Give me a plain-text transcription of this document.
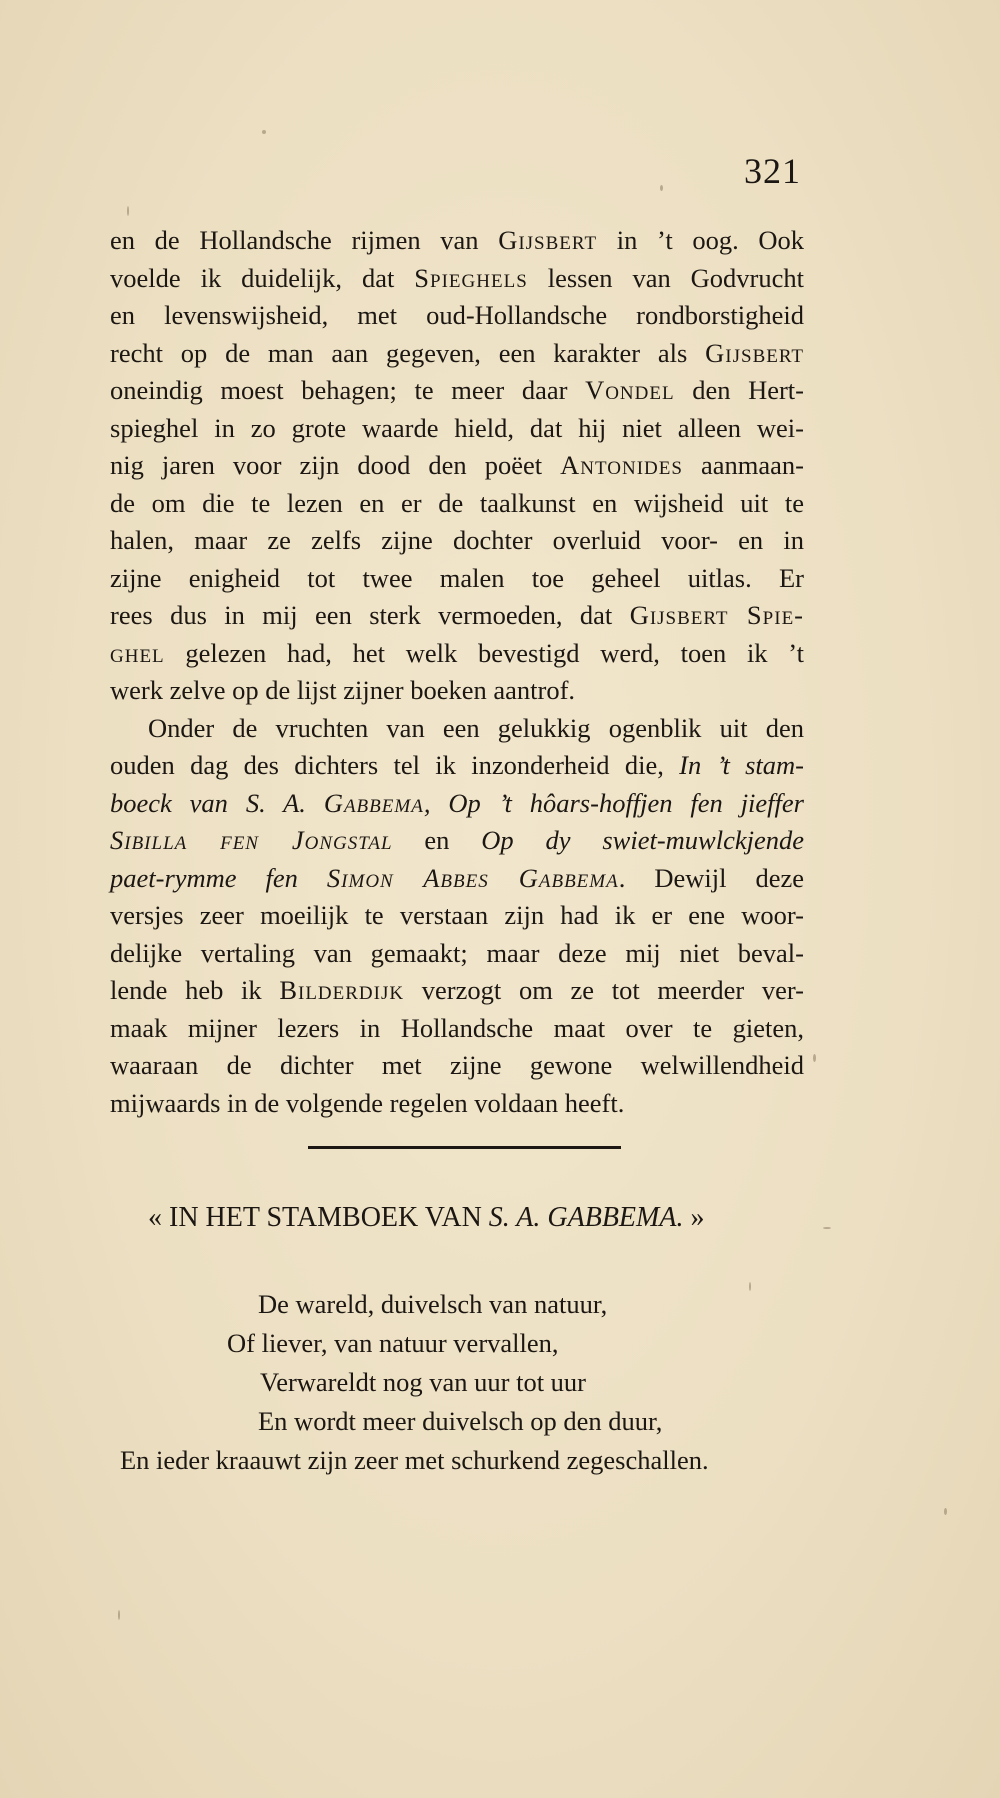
321
en de Hollandsche rijmen van Gijsbert in ’t oog. Ook
voelde ik duidelijk, dat Spieghels lessen van Godvrucht
en levenswijsheid, met oud-Hollandsche rondborstigheid
recht op de man aan gegeven, een karakter als Gijsbert
oneindig moest behagen; te meer daar Vondel den Hert-
spieghel in zo grote waarde hield, dat hij niet alleen wei-
nig jaren voor zijn dood den poëet Antonides aanmaan-
de om die te lezen en er de taalkunst en wijsheid uit te
halen, maar ze zelfs zijne dochter overluid voor- en in
zijne enigheid tot twee malen toe geheel uitlas. Er
rees dus in mij een sterk vermoeden, dat Gijsbert Spie-
ghel gelezen had, het welk bevestigd werd, toen ik ’t
werk zelve op de lijst zijner boeken aantrof.
Onder de vruchten van een gelukkig ogenblik uit den
ouden dag des dichters tel ik inzonderheid die, In ’t stam-
boeck van S. A. Gabbema, Op ’t hôars-hoffjen fen jieffer
Sibilla fen Jongstal en Op dy swiet-muwlckjende
paet-rymme fen Simon Abbes Gabbema. Dewijl deze
versjes zeer moeilijk te verstaan zijn had ik er ene woor-
delijke vertaling van gemaakt; maar deze mij niet beval-
lende heb ik Bilderdijk verzogt om ze tot meerder ver-
maak mijner lezers in Hollandsche maat over te gieten,
waaraan de dichter met zijne gewone welwillendheid
mijwaards in de volgende regelen voldaan heeft.
« IN HET STAMBOEK VAN S. A. GABBEMA. »
De wareld, duivelsch van natuur,
Of liever, van natuur vervallen,
Verwareldt nog van uur tot uur
En wordt meer duivelsch op den duur,
En ieder kraauwt zijn zeer met schurkend zegeschallen.
